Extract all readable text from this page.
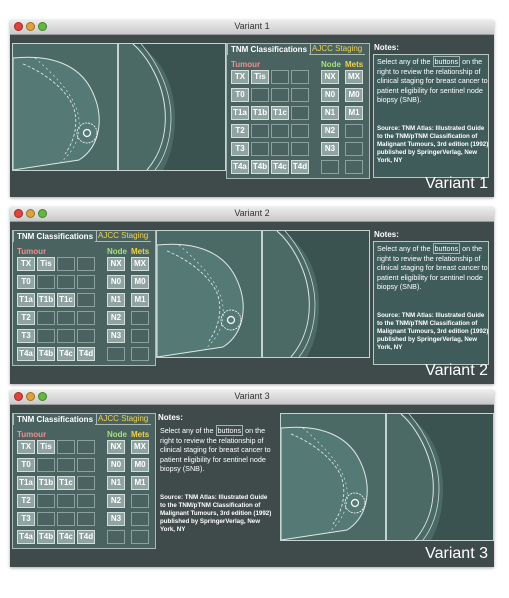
Variant 1
TNM Classifications AJCC Staging
Tumour	Node Mets
TX	Tis	NX	MX
T0	N0	M0
T1a T1b T1c	N1	M1
T2	N2
T3	N3
T4a T4b T4c T4d
Notes:
Select any of the buttons on the right to review the relationship of clinical staging for breast cancer to patient eligibility for sentinel node biopsy (SNB).
Source: TNM Atlas: Illustrated Guide to the TNM/pTNM Classification of Malignant Tumours, 3rd edition (1992) published by SpringerVerlag, New York, NY
Variant 1
Variant 2
TNM Classifications AJCC Staging
Tumour	Node Mets
TX	Tis	NX	MX
T0	N0	M0
T1a T1b T1c	N1	M1
T2	N2
T3	N3
T4a T4b T4c T4d
Notes:
Select any of the buttons on the right to review the relationship of clinical staging for breast cancer to patient eligibility for sentinel node biopsy (SNB).
Source: TNM Atlas: Illustrated Guide to the TNM/pTNM Classification of Malignant Tumours, 3rd edition (1992) published by SpringerVerlag, New York, NY
Variant 2
Variant 3
TNM Classifications AJCC Staging
Tumour	Node Mets
TX	Tis	NX	MX
T0	N0	M0
T1a T1b T1c	N1	M1
T2	N2
T3	N3
T4a T4b T4c T4d
Notes:
Select any of the buttons on the right to review the relationship of clinical staging for breast cancer to patient eligibility for sentinel node biopsy (SNB).
Source: TNM Atlas: Illustrated Guide to the TNM/pTNM Classification of Malignant Tumours, 3rd edition (1992) published by SpringerVerlag, New York, NY
Variant 3
